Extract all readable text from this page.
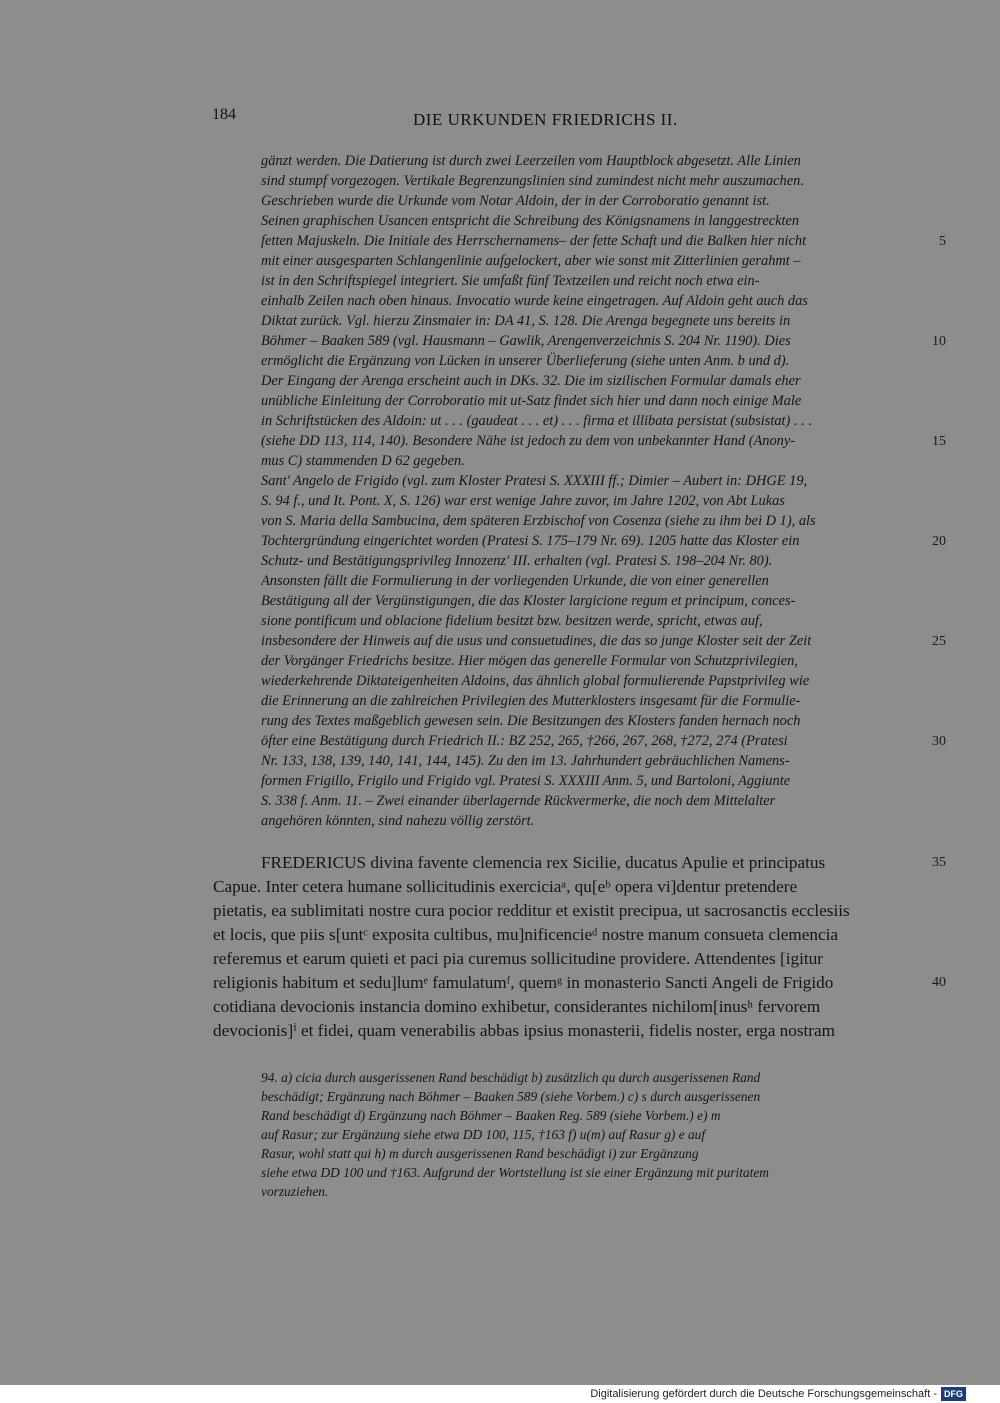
184	DIE URKUNDEN FRIEDRICHS II.
gänzt werden. Die Datierung ist durch zwei Leerzeilen vom Hauptblock abgesetzt. Alle Linien
sind stumpf vorgezogen. Vertikale Begrenzungslinien sind zumindest nicht mehr auszumachen.
Geschrieben wurde die Urkunde vom Notar Aldoin, der in der Corroboratio genannt ist.
Seinen graphischen Usancen entspricht die Schreibung des Königsnamens in langgestreckten
fetten Majuskeln. Die Initiale des Herrschernamens– der fette Schaft und die Balken hier nicht
mit einer ausgesparten Schlangenlinie aufgelockert, aber wie sonst mit Zitterlinien gerahmt –
ist in den Schriftspiegel integriert. Sie umfaßt fünf Textzeilen und reicht noch etwa ein-
einhalb Zeilen nach oben hinaus. Invocatio wurde keine eingetragen. Auf Aldoin geht auch das
Diktat zurück. Vgl. hierzu Zinsmaier in: DA 41, S. 128. Die Arenga begegnete uns bereits in
Böhmer – Baaken 589 (vgl. Hausmann – Gawlik, Arengenverzeichnis S. 204 Nr. 1190). Dies
ermöglicht die Ergänzung von Lücken in unserer Überlieferung (siehe unten Anm. b und d).
Der Eingang der Arenga erscheint auch in DKs. 32. Die im sizilischen Formular damals eher
unübliche Einleitung der Corroboratio mit ut-Satz findet sich hier und dann noch einige Male
in Schriftstücken des Aldoin: ut . . . (gaudeat . . . et) . . . firma et illibata persistat (subsistat) . . .
(siehe DD 113, 114, 140). Besondere Nähe ist jedoch zu dem von unbekannter Hand (Anony-
mus C) stammenden D 62 gegeben.
Sant' Angelo de Frigido (vgl. zum Kloster Pratesi S. XXXIII ff.; Dimier – Aubert in: DHGE 19,
S. 94 f., und It. Pont. X, S. 126) war erst wenige Jahre zuvor, im Jahre 1202, von Abt Lukas
von S. Maria della Sambucina, dem späteren Erzbischof von Cosenza (siehe zu ihm bei D 1), als
Tochtergründung eingerichtet worden (Pratesi S. 175–179 Nr. 69). 1205 hatte das Kloster ein
Schutz- und Bestätigungsprivileg Innozenz' III. erhalten (vgl. Pratesi S. 198–204 Nr. 80).
Ansonsten fällt die Formulierung in der vorliegenden Urkunde, die von einer generellen
Bestätigung all der Vergünstigungen, die das Kloster largicione regum et principum, conces-
sione pontificum und oblacione fidelium besitzt bzw. besitzen werde, spricht, etwas auf,
insbesondere der Hinweis auf die usus und consuetudines, die das so junge Kloster seit der Zeit
der Vorgänger Friedrichs besitze. Hier mögen das generelle Formular von Schutzprivilegien,
wiederkehrende Diktateigenheiten Aldoins, das ähnlich global formulierende Papstprivileg wie
die Erinnerung an die zahlreichen Privilegien des Mutterklosters insgesamt für die Formulie-
rung des Textes maßgeblich gewesen sein. Die Besitzungen des Klosters fanden hernach noch
öfter eine Bestätigung durch Friedrich II.: BZ 252, 265, †266, 267, 268, †272, 274 (Pratesi
Nr. 133, 138, 139, 140, 141, 144, 145). Zu den im 13. Jahrhundert gebräuchlichen Namens-
formen Frigillo, Frigilo und Frigido vgl. Pratesi S. XXXIII Anm. 5, und Bartoloni, Aggiunte
S. 338 f. Anm. 11. – Zwei einander überlagernde Rückvermerke, die noch dem Mittelalter
angehören könnten, sind nahezu völlig zerstört.
FREDERICUS divina favente clemencia rex Sicilie, ducatus Apulie et principatus
Capue. Inter cetera humane sollicitudinis exerciciaᵃ, qu[eᵇ opera vi]dentur pretendere
pietatis, ea sublimitati nostre cura pocior redditur et existit precipua, ut sacrosanctis ecclesiis
et locis, que piis s[untᶜ exposita cultibus, mu]nificencieᵈ nostre manum consueta clemencia
referemus et earum quieti et paci pia curemus sollicitudine providere. Attendentes [igitur
religionis habitum et sedu]lumᵉ famulatumᶠ, quemᵍ in monasterio Sancti Angeli de Frigido
cotidiana devocionis instancia domino exhibetur, considerantes nichilom[inusʰ fervorem
devocionis]ⁱ et fidei, quam venerabilis abbas ipsius monasterii, fidelis noster, erga nostram
94. a) cicia durch ausgerissenen Rand beschädigt b) zusätzlich qu durch ausgerissenen Rand
beschädigt; Ergänzung nach Böhmer – Baaken 589 (siehe Vorbem.) c) s durch ausgerissenen
Rand beschädigt d) Ergänzung nach Böhmer – Baaken Reg. 589 (siehe Vorbem.) e) m
auf Rasur; zur Ergänzung siehe etwa DD 100, 115, †163 f) u(m) auf Rasur g) e auf
Rasur, wohl statt qui h) m durch ausgerissenen Rand beschädigt i) zur Ergänzung
siehe etwa DD 100 und †163. Aufgrund der Wortstellung ist sie einer Ergänzung mit puritatem
vorzuziehen.
5
10
15
20
25
30
35
40
Digitalisierung gefördert durch die Deutsche Forschungsgemeinschaft - DFG
